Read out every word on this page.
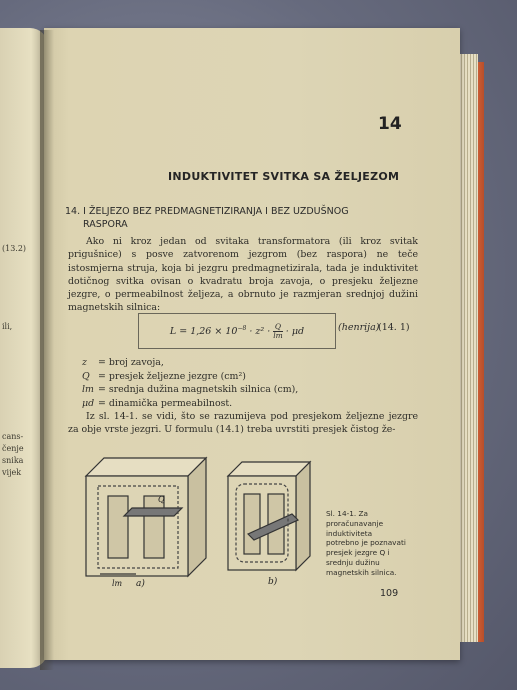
(13.2)
ili,
cans-
čenje
snika
vijek
14
INDUKTIVITET SVITKA SA ŽELJEZOM
14. I ŽELJEZO BEZ PREDMAGNETIZIRANJA I BEZ UZDUŠNOG
RASPORA
Ako ni kroz jedan od svitaka transformatora (ili kroz svitak prigušnice) s posve zatvorenom jezgrom (bez raspora) ne teče istosmjerna struja, koja bi jezgru predmagnetizirala, tada je induktivitet dotičnog svitka ovisan o kvadratu broja zavoja, o presjeku željezne jezgre, o permeabilnost željeza, a obrnuto je razmjeran srednjoj dužini magnetskih silnica:
$L = 1,26 \times 10^{-8} \cdot z^2 \cdot \frac{Q}{lm} \cdot \mu d$	(henrija)
(14. 1)
z	= broj zavoja,
Q = presjek željezne jezgre (cm²)
lm = srednja dužina magnetskih silnica (cm),
μd = dinamička permeabilnost.
Iz sl. 14-1. se vidi, što se razumijeva pod presjekom željezne jezgre za obje vrste jezgri. U formulu (14.1) treba uvrstiti presjek čistog že-
Q
lm a)	b)
Sl. 14-1. Za proračunavanje induktiviteta potrebno je poznavati presjek jezgre Q i srednju dužinu magnetskih silnica.
109
